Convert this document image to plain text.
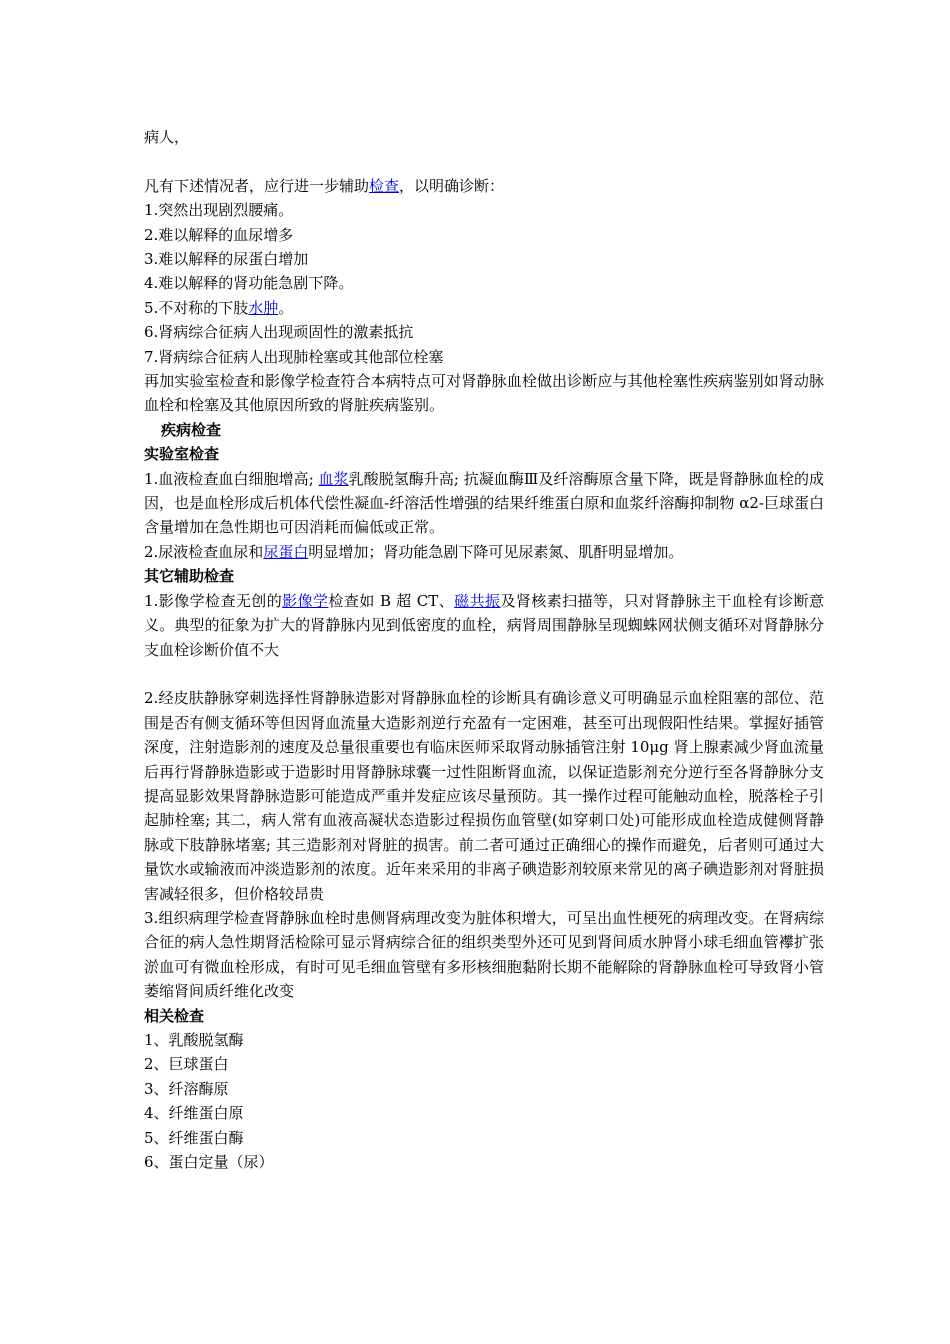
病人，

凡有下述情况者，应行进一步辅助检查，以明确诊断：

1.突然出现剧烈腰痛。

2.难以解释的血尿增多

3.难以解释的尿蛋白增加

4.难以解释的肾功能急剧下降。

5.不对称的下肢水肿。

6.肾病综合征病人出现顽固性的激素抵抗

7.肾病综合征病人出现肺栓塞或其他部位栓塞

再加实验室检查和影像学检查符合本病特点可对肾静脉血栓做出诊断应与其他栓塞性疾病鉴别如肾动脉血栓和栓塞及其他原因所致的肾脏疾病鉴别。

疾病检查

实验室检查

1.血液检查血白细胞增高; 血浆乳酸脱氢酶升高; 抗凝血酶Ⅲ及纤溶酶原含量下降，既是肾静脉血栓的成因，也是血栓形成后机体代偿性凝血-纤溶活性增强的结果纤维蛋白原和血浆纤溶酶抑制物 α2-巨球蛋白含量增加在急性期也可因消耗而偏低或正常。

2.尿液检查血尿和尿蛋白明显增加；肾功能急剧下降可见尿素氮、肌酐明显增加。

其它辅助检查

1.影像学检查无创的影像学检查如 B 超 CT、磁共振及肾核素扫描等，只对肾静脉主干血栓有诊断意义。典型的征象为扩大的肾静脉内见到低密度的血栓，病肾周围静脉呈现蜘蛛网状侧支循环对肾静脉分支血栓诊断价值不大

2.经皮肤静脉穿刺选择性肾静脉造影对肾静脉血栓的诊断具有确诊意义可明确显示血栓阻塞的部位、范围是否有侧支循环等但因肾血流量大造影剂逆行充盈有一定困难，甚至可出现假阳性结果。掌握好插管深度，注射造影剂的速度及总量很重要也有临床医师采取肾动脉插管注射 10μg 肾上腺素减少肾血流量后再行肾静脉造影或于造影时用肾静脉球囊一过性阻断肾血流，以保证造影剂充分逆行至各肾静脉分支提高显影效果肾静脉造影可能造成严重并发症应该尽量预防。其一操作过程可能触动血栓，脱落栓子引起肺栓塞; 其二，病人常有血液高凝状态造影过程损伤血管壁(如穿刺口处)可能形成血栓造成健侧肾静脉或下肢静脉堵塞; 其三造影剂对肾脏的损害。前二者可通过正确细心的操作而避免，后者则可通过大量饮水或输液而冲淡造影剂的浓度。近年来采用的非离子碘造影剂较原来常见的离子碘造影剂对肾脏损害减轻很多，但价格较昂贵

3.组织病理学检查肾静脉血栓时患侧肾病理改变为脏体积增大，可呈出血性梗死的病理改变。在肾病综合征的病人急性期肾活检除可显示肾病综合征的组织类型外还可见到肾间质水肿肾小球毛细血管襻扩张淤血可有微血栓形成，有时可见毛细血管壁有多形核细胞黏附长期不能解除的肾静脉血栓可导致肾小管萎缩肾间质纤维化改变

相关检查

1、乳酸脱氢酶

2、巨球蛋白

3、纤溶酶原

4、纤维蛋白原

5、纤维蛋白酶

6、蛋白定量（尿）
